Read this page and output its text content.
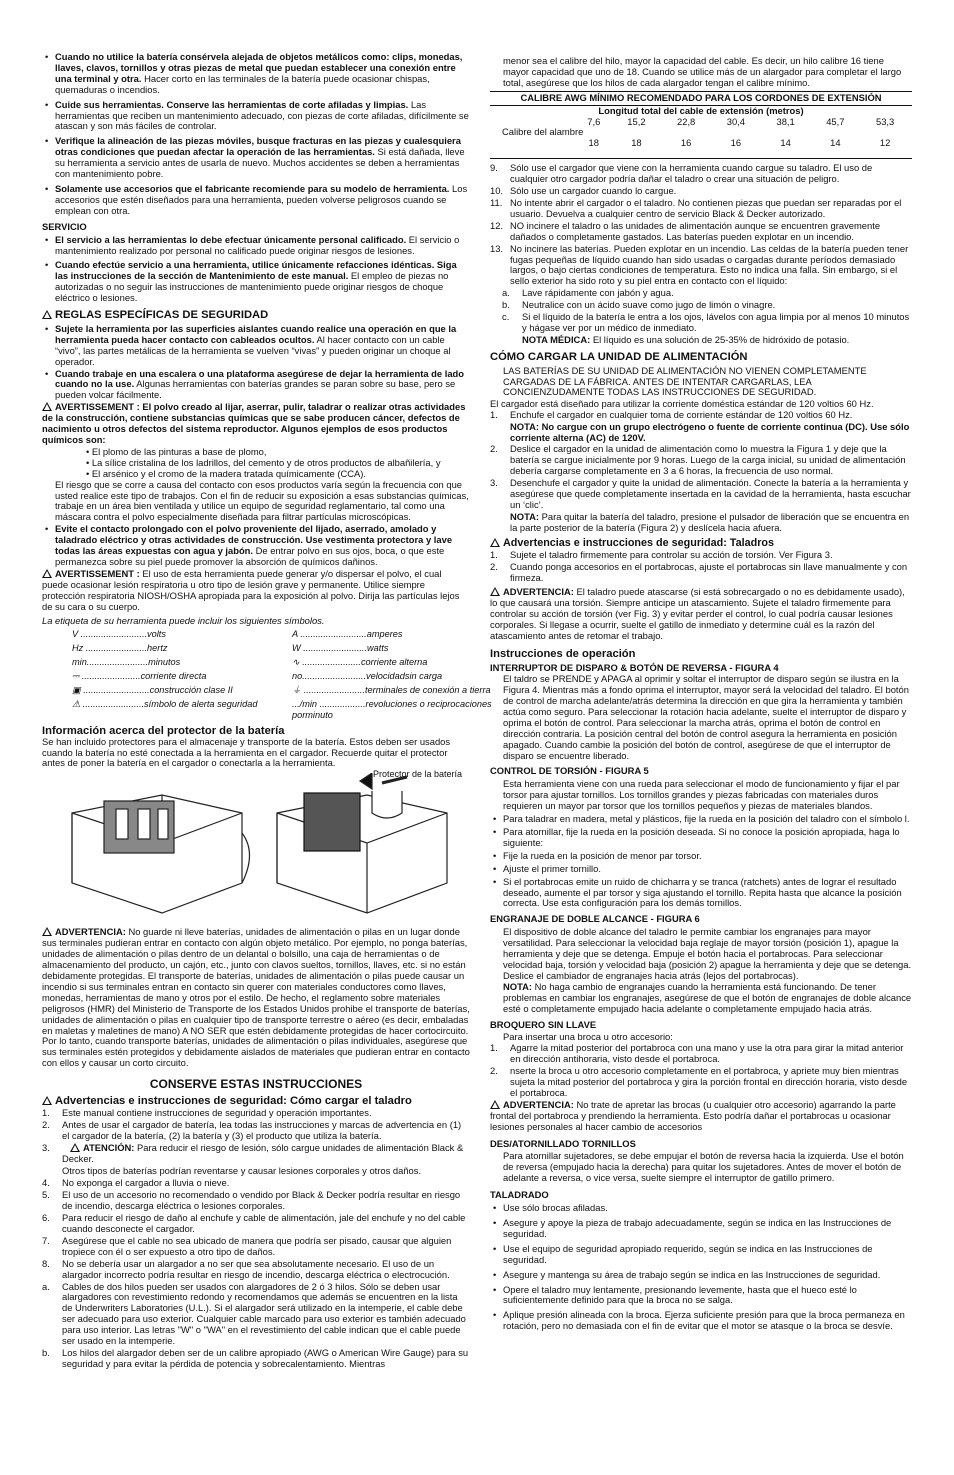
• Cuando no utilice la batería consérvela alejada de objetos metálicos como: clips, monedas, llaves, clavos, tornillos y otras piezas de metal que puedan establecer una conexión entre una terminal y otra. Hacer corto en las terminales de la batería puede ocasionar chispas, quemaduras o incendios.
• Cuide sus herramientas. Conserve las herramientas de corte afiladas y limpias. Las herramientas que reciben un mantenimiento adecuado, con piezas de corte afiladas, difícilmente se atascan y son más fáciles de controlar.
• Verifique la alineación de las piezas móviles, busque fracturas en las piezas y cualesquiera otras condiciones que puedan afectar la operación de las herramientas. Si está dañada, lleve su herramienta a servicio antes de usarla de nuevo. Muchos accidentes se deben a herramientas con mantenimiento pobre.
• Solamente use accesorios que el fabricante recomiende para su modelo de herramienta. Los accesorios que estén diseñados para una herramienta, pueden volverse peligrosos cuando se emplean con otra.
SERVICIO
• El servicio a las herramientas lo debe efectuar únicamente personal calificado. El servicio o mantenimiento realizado por personal no calificado puede originar riesgos de lesiones.
• Cuando efectúe servicio a una herramienta, utilice únicamente refacciones idénticas. Siga las instrucciones de la sección de Mantenimiento de este manual. El empleo de piezas no autorizadas o no seguir las instrucciones de mantenimiento puede originar riesgos de choque eléctrico o lesiones.
REGLAS ESPECÍFICAS DE SEGURIDAD
• Sujete la herramienta por las superficies aislantes cuando realice una operación en que la herramienta pueda hacer contacto con cableados ocultos. Al hacer contacto con un cable “vivo”, las partes metálicas de la herramienta se vuelven “vivas” y pueden originar un choque al operador.
• Cuando trabaje en una escalera o una plataforma asegúrese de dejar la herramienta de lado cuando no la use. Algunas herramientas con baterías grandes se paran sobre su base, pero se pueden volcar fácilmente.
AVERTISSEMENT : El polvo creado al lijar, aserrar, pulir, taladrar o realizar otras actividades de la construcción, contiene substancias químicas que se sabe producen cáncer, defectos de nacimiento u otros defectos del sistema reproductor. Algunos ejemplos de esos productos químicos son:
• El plomo de las pinturas a base de plomo,
• La sílice cristalina de los ladrillos, del cemento y de otros productos de albañilería, y
• El arsénico y el cromo de la madera tratada químicamente (CCA).
El riesgo que se corre a causa del contacto con esos productos varía según la frecuencia con que usted realice este tipo de trabajos. Con el fin de reducir su exposición a esas substancias químicas, trabaje en un área bien ventilada y utilice un equipo de seguridad reglamentario, tal como una máscara contra el polvo especialmente diseñada para filtrar partículas microscópicas.
• Evite el contacto prolongado con el polvo proveniente del lijado, aserrado, amolado y taladrado eléctrico y otras actividades de construcción. Use vestimenta protectora y lave todas las áreas expuestas con agua y jabón. De entrar polvo en sus ojos, boca, o que este permanezca sobre su piel puede promover la absorción de químicos dañinos.
AVERTISSEMENT : El uso de esta herramienta puede generar y/o dispersar el polvo, el cual puede ocasionar lesión respiratoria u otro tipo de lesión grave y permanente. Utilice siempre protección respiratoria NIOSH/OSHA apropiada para la exposición al polvo. Dirija las partículas lejos de su cara o su cuerpo.
La etiqueta de su herramienta puede incluir los siguientes símbolos.
V ..........................volts	A ..........................amperes
Hz ........................hertz	W .........................watts
min........................minutos	∿ .......................corriente alterna
⎓ .......................corriente directa	no.........................velocidadsin carga
▣ ..........................construcción clase II	⏚ ........................terminales de conexión a tierra
⚠ ........................símbolo de alerta seguridad	.../min ..................revoluciones o reciprocaciones porminuto
Información acerca del protector de la batería
Se han incluido protectores para el almacenaje y transporte de la batería. Estos deben ser usados cuando la batería no esté conectada a la herramienta en el cargador. Recuerde quitar el protector antes de poner la batería en el cargador o conectarla a la herramienta.
Protector de la batería
ADVERTENCIA: No guarde ni lleve baterías, unidades de alimentación o pilas en un lugar donde sus terminales pudieran entrar en contacto con algún objeto metálico. Por ejemplo, no ponga baterías, unidades de alimentación o pilas dentro de un delantal o bolsillo, una caja de herramientas o de almacenamiento del producto, un cajón, etc., junto con clavos sueltos, tornillos, llaves, etc. si no están debidamente protegidas. El transporte de baterías, unidades de alimentación o pilas puede causar un incendio si sus terminales entran en contacto sin querer con materiales conductores como llaves, monedas, herramientas de mano y otros por el estilo. De hecho, el reglamento sobre materiales peligrosos (HMR) del Ministerio de Transporte de los Estados Unidos prohibe el transporte de baterías, unidades de alimentación o pilas en cualquier tipo de transporte terrestre o aéreo (es decir, embaladas en maletas y maletines de mano) A NO SER que estén debidamente protegidas de hacer cortocircuito. Por lo tanto, cuando transporte baterías, unidades de alimentación o pilas individuales, asegúrese que sus terminales estén protegidos y debidamente aislados de materiales que pudieran entrar en contacto con ellos y causar un corto circuito.
CONSERVE ESTAS INSTRUCCIONES
Advertencias e instrucciones de seguridad: Cómo cargar el taladro
1. Este manual contiene instrucciones de seguridad y operación importantes.
2. Antes de usar el cargador de batería, lea todas las instrucciones y marcas de advertencia en (1) el cargador de la batería, (2) la batería y (3) el producto que utiliza la batería.
3.	ATENCIÓN: Para reducir el riesgo de lesión, sólo cargue unidades de alimentación Black & Decker.
Otros tipos de baterías podrían reventarse y causar lesiones corporales y otros daños.
4. No exponga el cargador a lluvia o nieve.
5. El uso de un accesorio no recomendado o vendido por Black & Decker podría resultar en riesgo de incendio, descarga eléctrica o lesiones corporales.
6. Para reducir el riesgo de daño al enchufe y cable de alimentación, jale del enchufe y no del cable cuando desconecte el cargador.
7. Asegúrese que el cable no sea ubicado de manera que podría ser pisado, causar que alguien tropiece con él o ser expuesto a otro tipo de daños.
8. No se debería usar un alargador a no ser que sea absolutamente necesario. El uso de un alargador incorrecto podría resultar en riesgo de incendio, descarga eléctrica o electrocución.
a. Cables de dos hilos pueden ser usados con alargadores de 2 ó 3 hilos. Sólo se deben usar alargadores con revestimiento redondo y recomendamos que además se encuentren en la lista de Underwriters Laboratories (U.L.). Si el alargador será utilizado en la intemperie, el cable debe ser adecuado para uso exterior. Cualquier cable marcado para uso exterior es también adecuado para uso interior. Las letras "W" o "WA" en el revestimiento del cable indican que el cable puede ser usado en la intemperie.
b. Los hilos del alargador deben ser de un calibre apropiado (AWG o American Wire Gauge) para su seguridad y para evitar la pérdida de potencia y sobrecalentamiento. Mientras
menor sea el calibre del hilo, mayor la capacidad del cable. Es decir, un hilo calibre 16 tiene mayor capacidad que uno de 18. Cuando se utilice más de un alargador para completar el largo total, asegúrese que los hilos de cada alargador tengan el calibre mínimo.
CALIBRE AWG MÍNIMO RECOMENDADO PARA LOS CORDONES DE EXTENSIÓN
Longitud total del cable de extensión (metros)
	7,6	15,2	22,8	30,4	38,1	45,7	53,3
Calibre del alambre							
	18	18	16	16	14	14	12
9. Sólo use el cargador que viene con la herramienta cuando cargue su taladro. El uso de cualquier otro cargador podría dañar el taladro o crear una situación de peligro.
10. Sólo use un cargador cuando lo cargue.
11. No intente abrir el cargador o el taladro. No contienen piezas que puedan ser reparadas por el usuario. Devuelva a cualquier centro de servicio Black & Decker autorizado.
12. NO incinere el taladro o las unidades de alimentación aunque se encuentren gravemente dañados o completamente gastados. Las baterías pueden explotar en un incendio.
13. No incinere las baterías. Pueden explotar en un incendio. Las celdas de la batería pueden tener fugas pequeñas de líquido cuando han sido usadas o cargadas durante períodos demasiado largos, o bajo ciertas condiciones de temperatura. Esto no indica una falla. Sin embargo, si el sello exterior ha sido roto y su piel entra en contacto con el líquido:
a. Lave rápidamente con jabón y agua.
b. Neutralice con un ácido suave como jugo de limón o vinagre.
c. Si el líquido de la batería le entra a los ojos, lávelos con agua limpia por al menos 10 minutos y hágase ver por un médico de inmediato.
NOTA MÉDICA: El líquido es una solución de 25-35% de hidróxido de potasio.
CÓMO CARGAR LA UNIDAD DE ALIMENTACIÓN
LAS BATERÍAS DE SU UNIDAD DE ALIMENTACIÓN NO VIENEN COMPLETAMENTE CARGADAS DE LA FÁBRICA. ANTES DE INTENTAR CARGARLAS, LEA CONCIENZUDAMENTE TODAS LAS INSTRUCCIONES DE SEGURIDAD.
El cargador está diseñado para utilizar la corriente doméstica estándar de 120 voltios 60 Hz.
1. Enchufe el cargador en cualquier toma de corriente estándar de 120 voltios 60 Hz.
NOTA: No cargue con un grupo electrógeno o fuente de corriente continua (DC). Use sólo corriente alterna (AC) de 120V.
2. Deslice el cargador en la unidad de alimentación como lo muestra la Figura 1 y deje que la batería se cargue inicialmente por 9 horas. Luego de la carga inicial, su unidad de alimentación debería cargarse completamente en 3 a 6 horas, la frecuencia de uso normal.
3. Desenchufe el cargador y quite la unidad de alimentación. Conecte la batería a la herramienta y asegúrese que quede completamente insertada en la cavidad de la herramienta, hasta escuchar un ‘clic’.
NOTA: Para quitar la batería del taladro, presione el pulsador de liberación que se encuentra en la parte posterior de la batería (Figura 2) y deslícela hacia afuera.
Advertencias e instrucciones de seguridad: Taladros
1. Sujete el taladro firmemente para controlar su acción de torsión. Ver Figura 3.
2. Cuando ponga accesorios en el portabrocas, ajuste el portabrocas sin llave manualmente y con firmeza.
ADVERTENCIA: El taladro puede atascarse (si está sobrecargado o no es debidamente usado), lo que causará una torsión. Siempre anticipe un atascamiento. Sujete el taladro firmemente para controlar su acción de torsión (ver Fig. 3) y evitar perder el control, lo cual podría causar lesiones corporales. Si llegase a ocurrir, suelte el gatillo de inmediato y determine cuál es la razón del atascamiento antes de retomar el trabajo.
Instrucciones de operación
INTERRUPTOR DE DISPARO & BOTÓN DE REVERSA - FIGURA 4
El taldro se PRENDE y APAGA al oprimir y soltar el interruptor de disparo según se ilustra en la Figura 4. Mientras más a fondo oprima el interruptor, mayor será la velocidad del taladro. El botón de control de marcha adelante/atrás determina la dirección en que gira la herramienta y también actúa como seguro. Para seleccionar la rotación hacia adelante, suelte el interruptor de disparo y oprima el botón de control. Para seleccionar la marcha atrás, oprima el botón de control en dirección contraria. La posición central del botón de control asegura la herramienta en posición apagado. Cuando cambie la posición del botón de control, asegúrese de que el interruptor de disparo se encuentre liberado.
CONTROL DE TORSIÓN - FIGURA 5
Esta herramienta viene con una rueda para seleccionar el modo de funcionamiento y fijar el par torsor para ajustar tornillos. Los tornillos grandes y piezas fabricadas con materiales duros requieren un mayor par torsor que los tornillos pequeños y piezas de materiales blandos.
• Para taladrar en madera, metal y plásticos, fije la rueda en la posición del taladro con el símbolo l.
• Para atornillar, fije la rueda en la posición deseada. Si no conoce la posición apropiada, haga lo siguiente:
• Fije la rueda en la posición de menor par torsor.
• Ajuste el primer tornillo.
• Si el portabrocas emite un ruido de chicharra y se tranca (ratchets) antes de lograr el resultado deseado, aumente el par torsor y siga ajustando el tornillo. Repita hasta que alcance la posición correcta. Use esta configuración para los demás tornillos.
ENGRANAJE DE DOBLE ALCANCE - FIGURA 6
El dispositivo de doble alcance del taladro le permite cambiar los engranajes para mayor versatilidad. Para seleccionar la velocidad baja reglaje de mayor torsión (posición 1), apague la herramienta y deje que se detenga. Empuje el botón hacia el portabrocas. Para seleccionar velocidad baja, torsión y velocidad baja (posición 2) apague la herramienta y deje que se detenga. Deslice el cambiador de engranajes hacia atrás (lejos del portabrocas).
NOTA: No haga cambio de engranajes cuando la herramienta está funcionando. De tener problemas en cambiar los engranajes, asegúrese de que el botón de engranajes de doble alcance esté o completamente empujado hacia adelante o completamente empujado hacia atrás.
BROQUERO SIN LLAVE
Para insertar una broca u otro accesorio:
1. Agarre la mitad posterior del portabroca con una mano y use la otra para girar la mitad anterior en dirección antihoraria, visto desde el portabroca.
2. nserte la broca u otro accesorio completamente en el portabroca, y apriete muy bien mientras sujeta la mitad posterior del portabroca y gira la porción frontal en dirección horaria, visto desde el portabroca.
ADVERTENCIA: No trate de apretar las brocas (u cualquier otro accesorio) agarrando la parte frontal del portabroca y prendiendo la herramienta. Esto podría dañar el portabrocas u ocasionar lesiones personales al hacer cambio de accesorios
DES/ATORNILLADO TORNILLOS
Para atornillar sujetadores, se debe empujar el botón de reversa hacia la izquierda. Use el botón de reversa (empujado hacia la derecha) para quitar los sujetadores. Antes de mover el botón de adelante a reversa, o vice versa, suelte siempre el interruptor de gatillo primero.
TALADRADO
• Use sólo brocas afiladas.
• Asegure y apoye la pieza de trabajo adecuadamente, según se indica en las Instrucciones de seguridad.
• Use el equipo de seguridad apropiado requerido, según se indica en las Instrucciones de seguridad.
• Asegure y mantenga su área de trabajo según se indica en las Instrucciones de seguridad.
• Opere el taladro muy lentamente, presionando levemente, hasta que el hueco esté lo suficientemente definido para que la broca no se salga.
• Aplique presión alineada con la broca. Ejerza suficiente presión para que la broca permaneza en rotación, pero no demasiada con el fin de evitar que el motor se atasque o la broca se desvíe.
